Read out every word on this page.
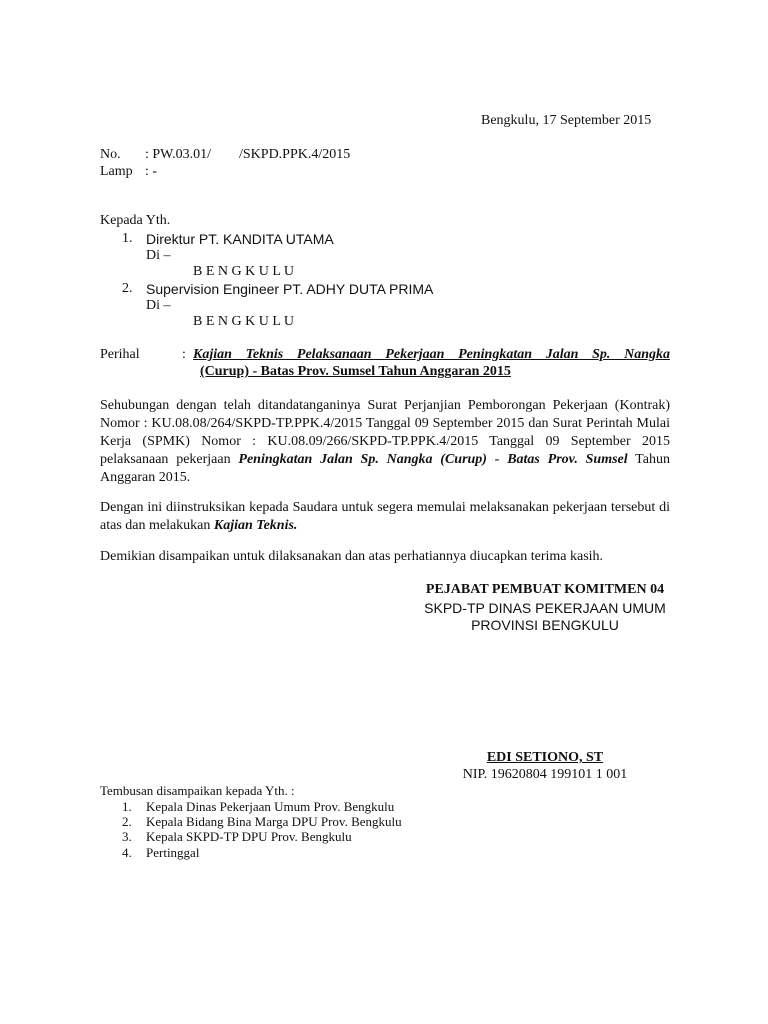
Bengkulu, 17 September 2015
No. : PW.03.01/        /SKPD.PPK.4/2015
Lamp : -
Kepada Yth.
1. Direktur PT. KANDITA UTAMA
Di –
B E N G K U L U
2. Supervision Engineer PT. ADHY DUTA PRIMA
Di –
B E N G K U L U
Perihal	: Kajian Teknis Pelaksanaan Pekerjaan Peningkatan Jalan Sp. Nangka
(Curup) - Batas Prov. Sumsel Tahun Anggaran 2015
Sehubungan dengan telah ditandatanganinya Surat Perjanjian Pemborongan Pekerjaan (Kontrak) Nomor : KU.08.08/264/SKPD-TP.PPK.4/2015 Tanggal 09 September 2015 dan Surat Perintah Mulai Kerja (SPMK) Nomor : KU.08.09/266/SKPD-TP.PPK.4/2015 Tanggal 09 September 2015 pelaksanaan pekerjaan Peningkatan Jalan Sp. Nangka (Curup) - Batas Prov. Sumsel Tahun Anggaran 2015.
Dengan ini diinstruksikan kepada Saudara untuk segera memulai melaksanakan pekerjaan tersebut di atas dan melakukan Kajian Teknis.
Demikian disampaikan untuk dilaksanakan dan atas perhatiannya diucapkan terima kasih.
PEJABAT PEMBUAT KOMITMEN 04
SKPD-TP DINAS PEKERJAAN UMUM
PROVINSI BENGKULU
EDI SETIONO, ST
NIP. 19620804 199101 1 001
Tembusan disampaikan kepada Yth. :
1. Kepala Dinas Pekerjaan Umum Prov. Bengkulu
2. Kepala Bidang Bina Marga DPU Prov. Bengkulu
3. Kepala SKPD-TP DPU Prov. Bengkulu
4. Pertinggal
